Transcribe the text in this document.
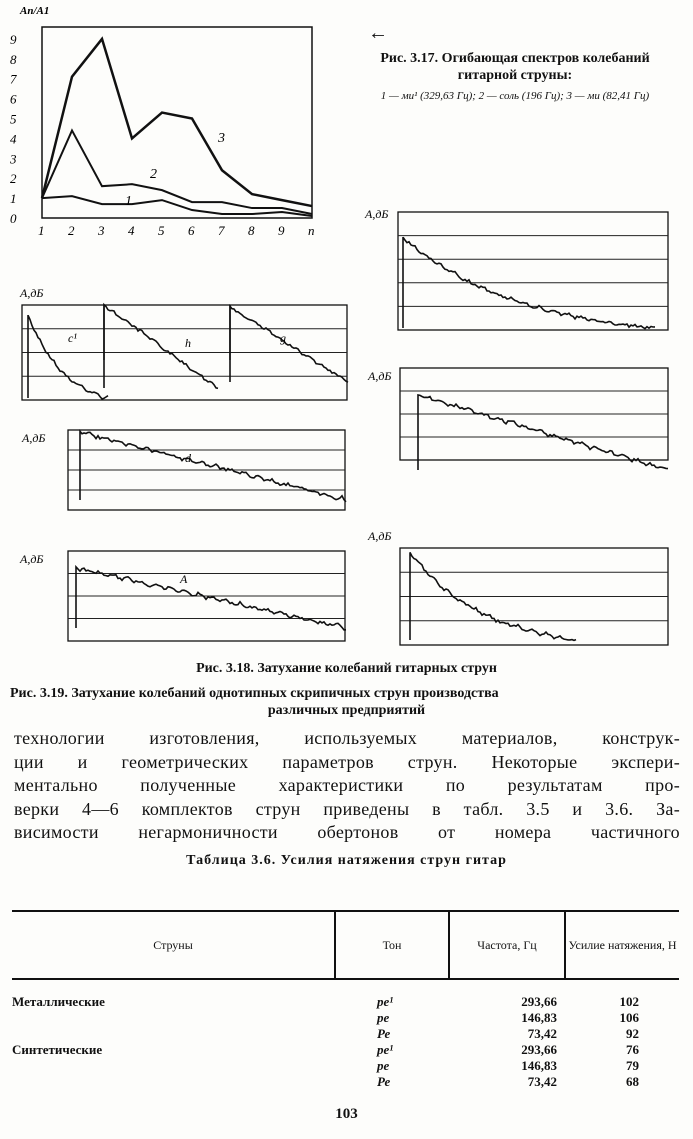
0
1
2
3
4
5
6
7
8
9
1 2 3 4 5 6 7 8 9 n
An/A1
1
2
3
А,дБ
c¹	h	g
А,дБ
d
А,дБ
A
А,дБ
А,дБ
А,дБ
←
Рис. 3.17. Огибающая спектров колебаний гитарной струны:
1 — ми¹ (329,63 Гц); 2 — соль (196 Гц); 3 — ми (82,41 Гц)
Рис. 3.18. Затухание колебаний гитарных струн
Рис. 3.19. Затухание колебаний однотипных скрипичных струн производства
различных предприятий
технологии изготовления, используемых материалов, конструк-
ции и геометрических параметров струн. Некоторые экспери-
ментально полученные характеристики по результатам про-
верки 4—6 комплектов струн приведены в табл. 3.5 и 3.6. За-
висимости негармоничности обертонов от номера частичного
Таблица 3.6. Усилия натяжения струн гитар
Струны	Тон	Частота, Гц	Усилие натяжения, Н

Металлические	ре¹	293,66	102
	ре	146,83	106
	Ре	73,42	92
Синтетические	ре¹	293,66	76
	ре	146,83	79
	Ре	73,42	68
103
